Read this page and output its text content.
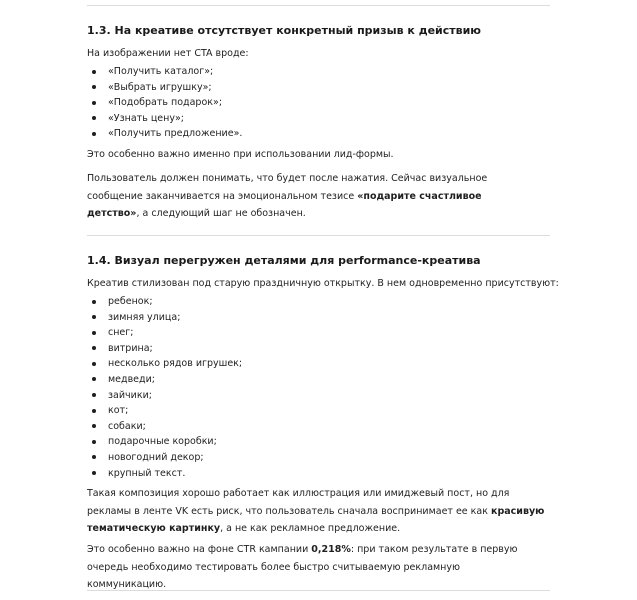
1.3. На креативе отсутствует конкретный призыв к действию
На изображении нет CTA вроде:
«Получить каталог»;
«Выбрать игрушку»;
«Подобрать подарок»;
«Узнать цену»;
«Получить предложение».
Это особенно важно именно при использовании лид-формы.
Пользователь должен понимать, что будет после нажатия. Сейчас визуальное сообщение заканчивается на эмоциональном тезисе «подарите счастливое детство», а следующий шаг не обозначен.
1.4. Визуал перегружен деталями для performance-креатива
Креатив стилизован под старую праздничную открытку. В нем одновременно присутствуют:
ребенок;
зимняя улица;
снег;
витрина;
несколько рядов игрушек;
медведи;
зайчики;
кот;
собаки;
подарочные коробки;
новогодний декор;
крупный текст.
Такая композиция хорошо работает как иллюстрация или имиджевый пост, но для рекламы в ленте VK есть риск, что пользователь сначала воспринимает ее как красивую тематическую картинку, а не как рекламное предложение.
Это особенно важно на фоне CTR кампании 0,218%: при таком результате в первую очередь необходимо тестировать более быстро считываемую рекламную коммуникацию.
